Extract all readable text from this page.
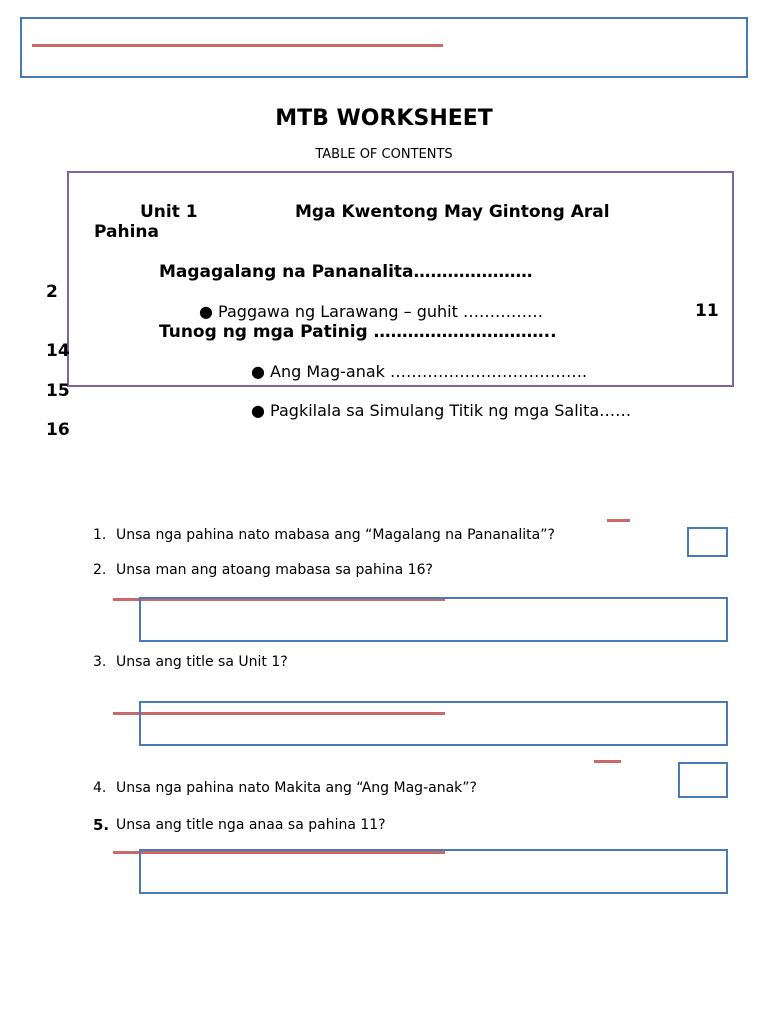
MTB WORKSHEET
TABLE OF CONTENTS
Unit 1	Mga Kwentong May Gintong Aral
Pahina
Magagalang na Pananalita…………………
2
● Paggawa ng Larawang – guhit ……………	11
Tunog ng mga Patinig …………………………..
14
● Ang Mag-anak ……………………………….
15
● Pagkilala sa Simulang Titik ng mga Salita……
16
1. Unsa nga pahina nato mabasa ang “Magalang na Pananalita”?
2. Unsa man ang atoang mabasa sa pahina 16?
3. Unsa ang title sa Unit 1?
4. Unsa nga pahina nato Makita ang “Ang Mag-anak”?
5. Unsa ang title nga anaa sa pahina 11?
